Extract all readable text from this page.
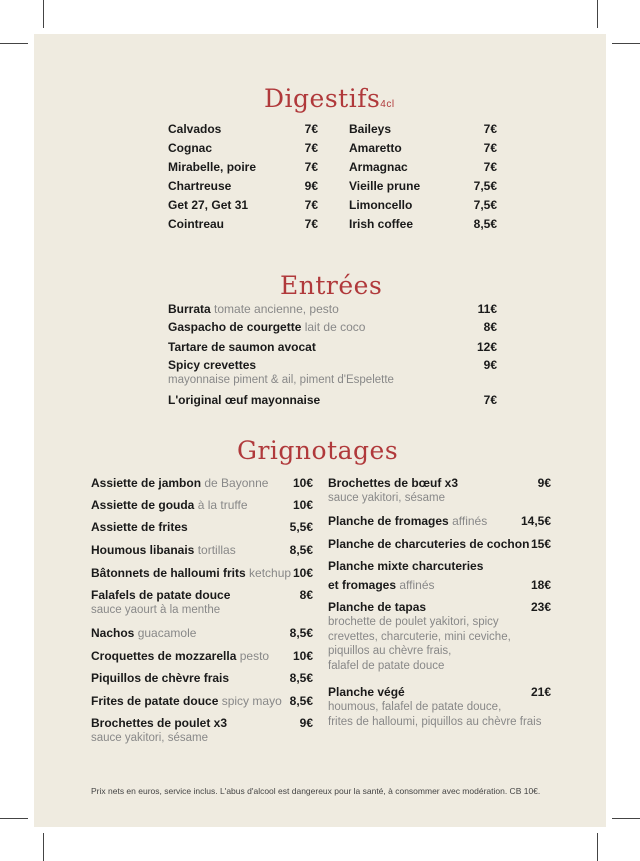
Digestifs4cl
Calvados	7€
Cognac	7€
Mirabelle, poire	7€
Chartreuse	9€
Get 27, Get 31	7€
Cointreau	7€
Baileys	7€
Amaretto	7€
Armagnac	7€
Vieille prune	7,5€
Limoncello	7,5€
Irish coffee	8,5€
Entrées
Burrata tomate ancienne, pesto	11€
Gaspacho de courgette lait de coco	8€
Tartare de saumon avocat	12€
Spicy crevettes	9€
mayonnaise piment & ail, piment d'Espelette
L'original œuf mayonnaise	7€
Grignotages
Assiette de jambon de Bayonne 10€
Assiette de gouda à la truffe	10€
Assiette de frites	5,5€
Houmous libanais tortillas	8,5€
Bâtonnets de halloumi frits ketchup 10€
Falafels de patate douce	8€
sauce yaourt à la menthe
Nachos guacamole	8,5€
Croquettes de mozzarella pesto 10€
Piquillos de chèvre frais	8,5€
Frites de patate douce spicy mayo 8,5€
Brochettes de poulet x3	9€
sauce yakitori, sésame
Brochettes de bœuf x3	9€
sauce yakitori, sésame
Planche de fromages affinés	14,5€
Planche de charcuteries de cochon 15€
Planche mixte charcuteries
et fromages affinés	18€
Planche de tapas	23€
brochette de poulet yakitori, spicy
crevettes, charcuterie, mini ceviche,
piquillos au chèvre frais,
falafel de patate douce
Planche végé	21€
houmous, falafel de patate douce,
frites de halloumi, piquillos au chèvre frais
Prix nets en euros, service inclus. L'abus d'alcool est dangereux pour la santé, à consommer avec modération. CB 10€.
